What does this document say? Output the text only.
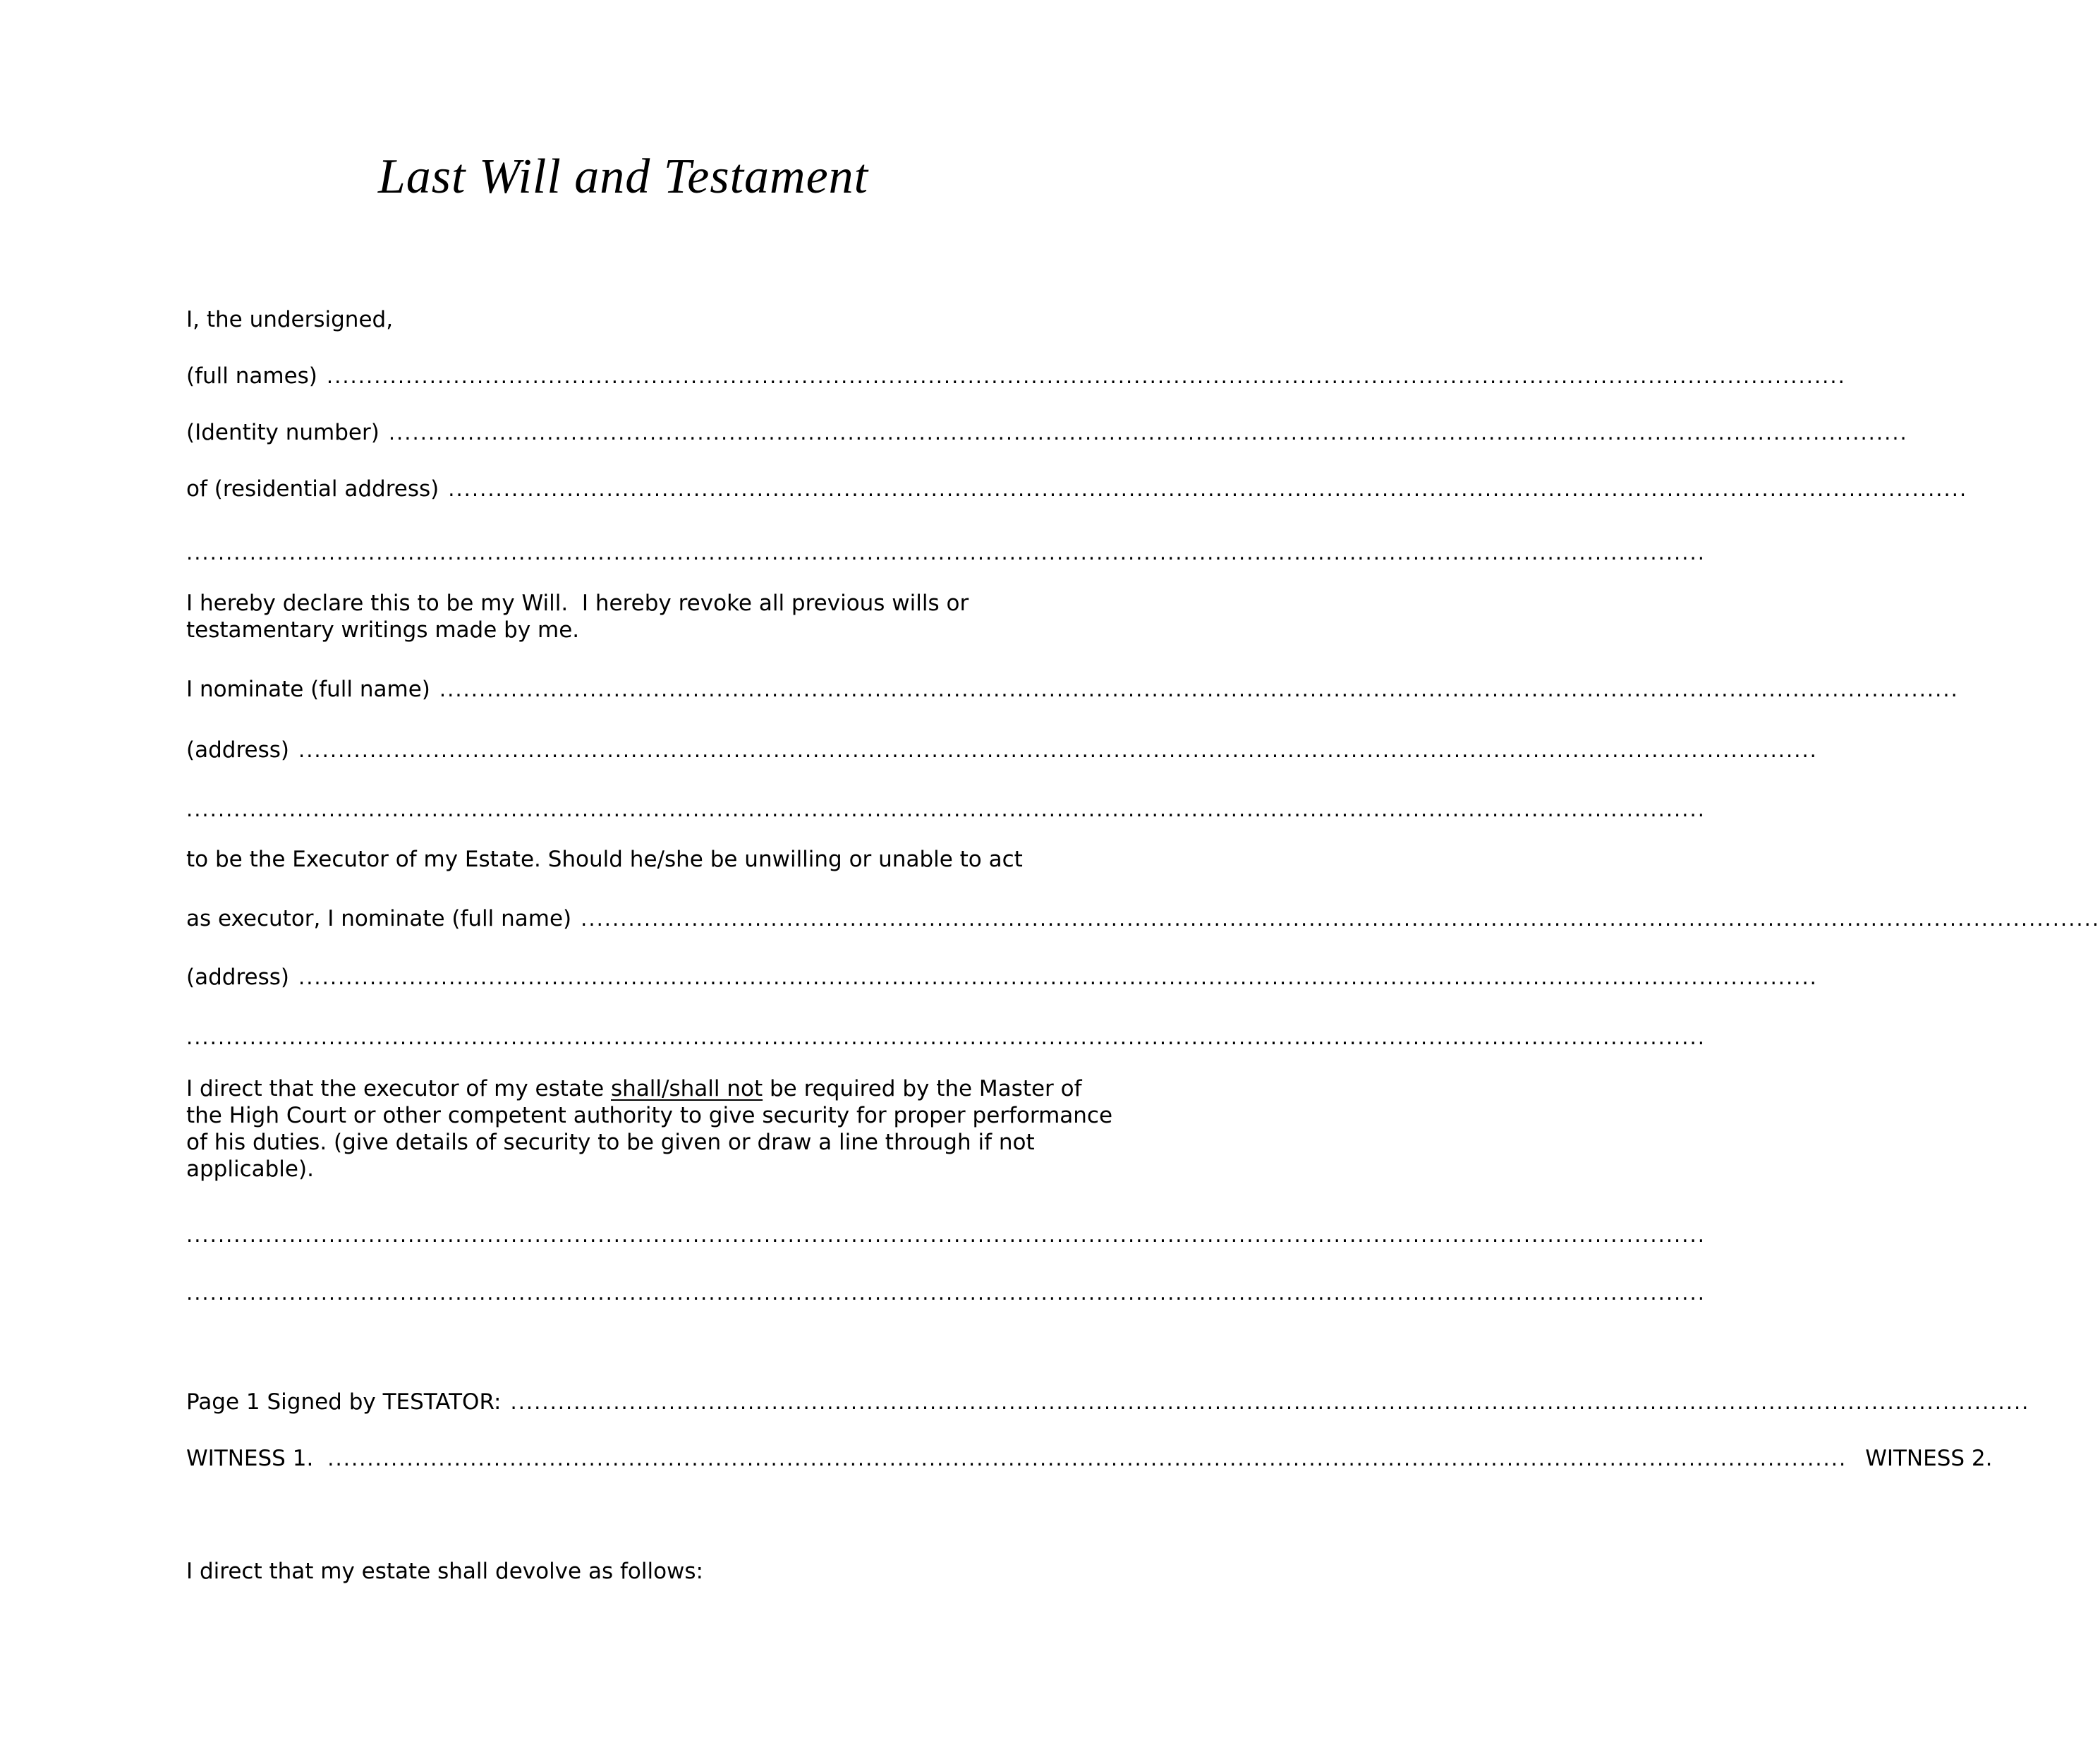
Last Will and Testament
I, the undersigned,
(full names)
.....
(Identity number)
.....
of (residential address)
.....
.....
I hereby declare this to be my Will.  I hereby revoke all previous wills or
testamentary writings made by me.
I nominate (full name)
.....
(address)
.....
.....
to be the Executor of my Estate. Should he/she be unwilling or unable to act
as executor, I nominate (full name)
.....
(address)
.....
.....
I direct that the executor of my estate shall/shall not be required by the Master of
the High Court or other competent authority to give security for proper performance
of his duties. (give details of security to be given or draw a line through if not
applicable).
.....
.....
Page 1 Signed by TESTATOR:
.....
WITNESS 1. .....	WITNESS 2.
I direct that my estate shall devolve as follows:
